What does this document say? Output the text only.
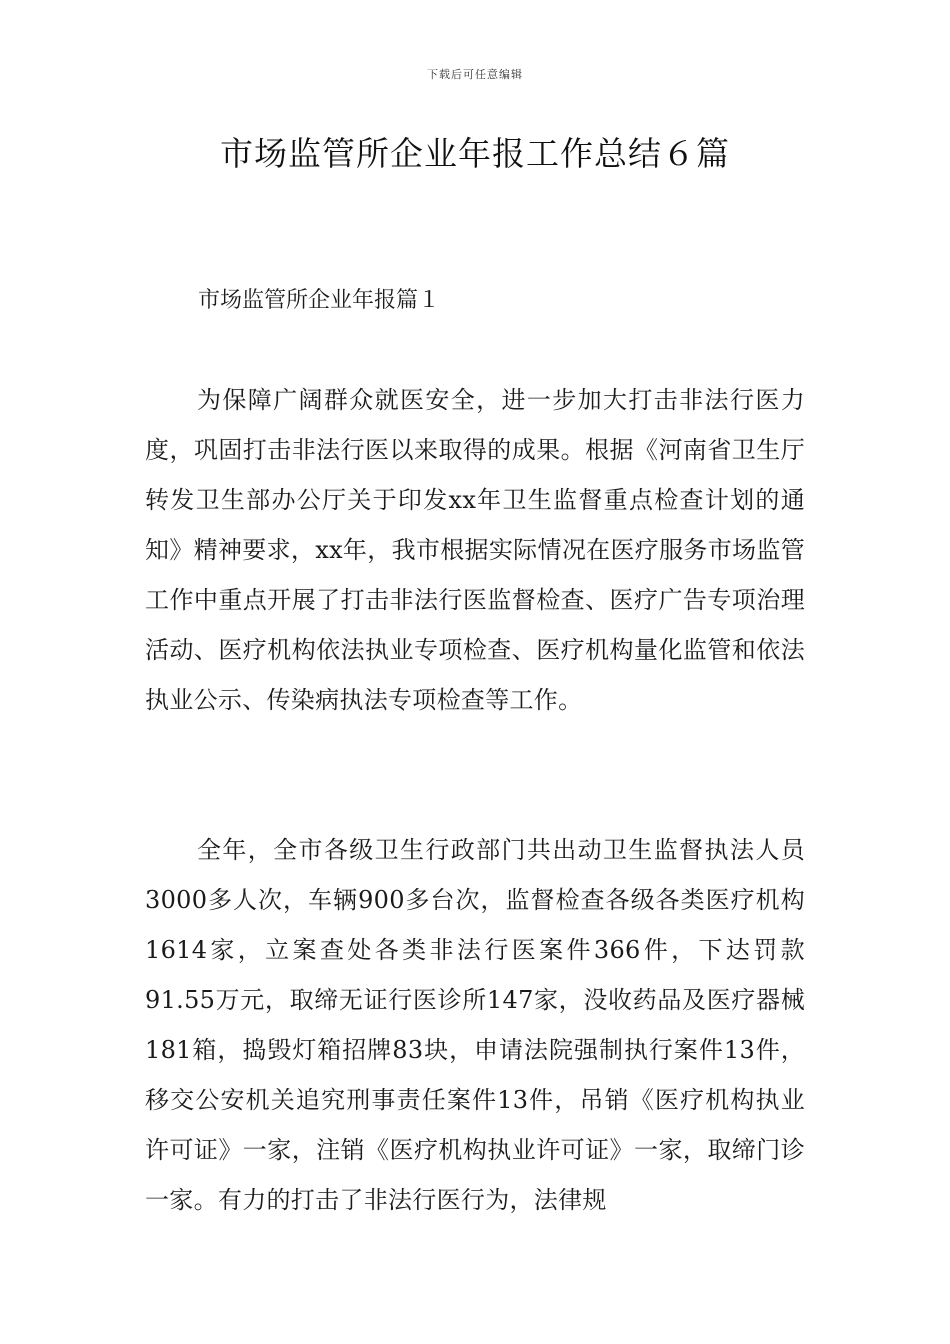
下载后可任意编辑
市场监管所企业年报工作总结６篇
市场监管所企业年报篇１

为保障广阔群众就医安全，进一步加大打击非法行医力度，巩固打击非法行医以来取得的成果。根据《河南省卫生厅转发卫生部办公厅关于印发xx年卫生监督重点检查计划的通知》精神要求，xx年，我市根据实际情况在医疗服务市场监管工作中重点开展了打击非法行医监督检查、医疗广告专项治理活动、医疗机构依法执业专项检查、医疗机构量化监管和依法执业公示、传染病执法专项检查等工作。

全年，全市各级卫生行政部门共出动卫生监督执法人员3000多人次，车辆900多台次，监督检查各级各类医疗机构1614家，立案查处各类非法行医案件366件，下达罚款91.55万元，取缔无证行医诊所147家，没收药品及医疗器械181箱，捣毁灯箱招牌83块，申请法院强制执行案件13件，移交公安机关追究刑事责任案件13件，吊销《医疗机构执业许可证》一家，注销《医疗机构执业许可证》一家，取缔门诊一家。有力的打击了非法行医行为，法律规
